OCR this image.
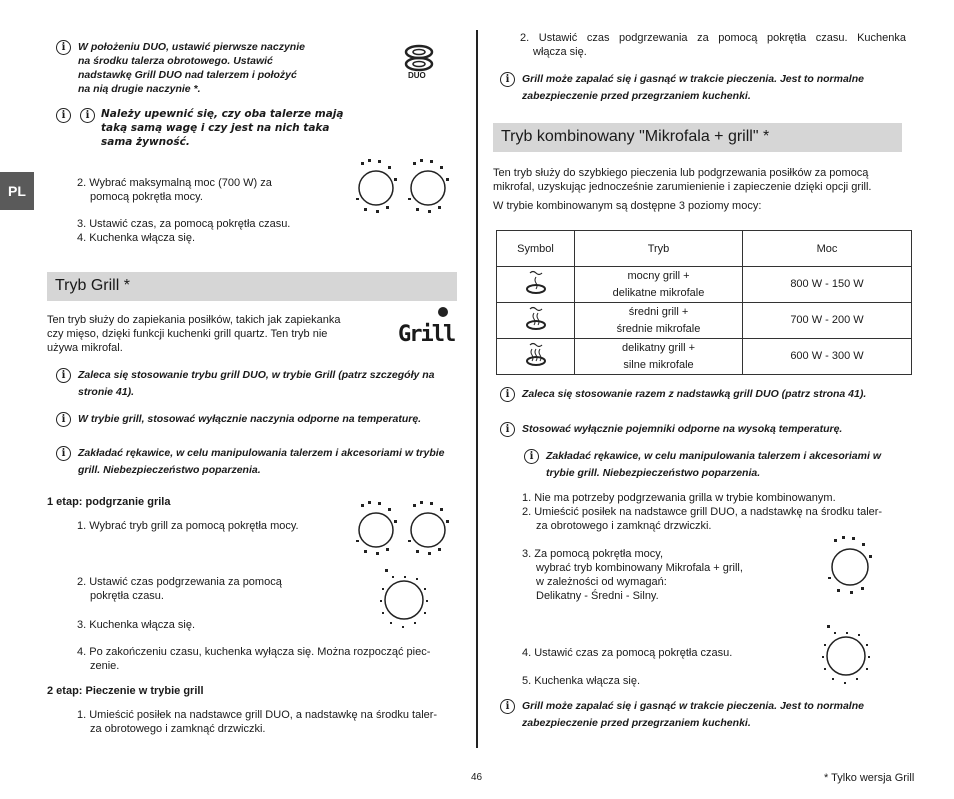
PL
i	W położeniu DUO, ustawić pierwsze naczynie
na środku talerza obrotowego. Ustawić
nadstawkę Grill DUO nad talerzem i położyć
na nią drugie naczynie *.
DUO
i	i	Należy upewnić się, czy oba talerze mają
taką samą wagę i czy jest na nich taka
sama żywność.
2. Wybrać maksymalną moc (700 W) za
pomocą pokrętła mocy.
3. Ustawić czas, za pomocą pokrętła czasu.
4. Kuchenka włącza się.
Tryb Grill *
Ten tryb służy do zapiekania posiłków, takich jak zapiekanka
czy mięso, dzięki funkcji kuchenki grill quartz. Ten tryb nie
używa mikrofal.
Grill
i	Zaleca się stosowanie trybu grill DUO, w trybie Grill (patrz szczegóły na
stronie 41).
i	W trybie grill, stosować wyłącznie naczynia odporne na temperaturę.
i	Zakładać rękawice, w celu manipulowania talerzem i akcesoriami w trybie
grill. Niebezpieczeństwo poparzenia.
1 etap: podgrzanie grila
1. Wybrać tryb grill za pomocą pokrętła mocy.
2. Ustawić czas podgrzewania za pomocą
pokrętła czasu.
3. Kuchenka włącza się.
4. Po zakończeniu czasu, kuchenka wyłącza się. Można rozpocząć piec-
zenie.
2 etap: Pieczenie w trybie grill
1. Umieścić posiłek na nadstawce grill DUO, a nadstawkę na środku taler-
za obrotowego i zamknąć drzwiczki.
2. Ustawić czas podgrzewania za pomocą pokrętła czasu. Kuchenka
włącza się.
i	Grill może zapalać się i gasnąć w trakcie pieczenia. Jest to normalne
zabezpieczenie przed przegrzaniem kuchenki.
Tryb kombinowany "Mikrofala + grill" *
Ten tryb służy do szybkiego pieczenia lub podgrzewania posiłków za pomocą
mikrofal, uzyskując jednocześnie zarumienienie i zapieczenie dzięki opcji grill.
W trybie kombinowanym są dostępne 3 poziomy mocy:
Symbol	Tryb	Moc

mocny grill +
delikatne mikrofale	800 W - 150 W

średni grill +
średnie mikrofale	700 W - 200 W

delikatny grill +
silne mikrofale	600 W - 300 W
i	Zaleca się stosowanie razem z nadstawką grill DUO (patrz strona 41).
i	Stosować wyłącznie pojemniki odporne na wysoką temperaturę.
i	Zakładać rękawice, w celu manipulowania talerzem i akcesoriami w
trybie grill. Niebezpieczeństwo poparzenia.
1. Nie ma potrzeby podgrzewania grilla w trybie kombinowanym.
2. Umieścić posiłek na nadstawce grill DUO, a nadstawkę na środku taler-
za obrotowego i zamknąć drzwiczki.
3. Za pomocą pokrętła mocy,
wybrać tryb kombinowany Mikrofala + grill,
w zależności od wymagań:
Delikatny - Średni - Silny.
4. Ustawić czas za pomocą pokrętła czasu.
5. Kuchenka włącza się.
i	Grill może zapalać się i gasnąć w trakcie pieczenia. Jest to normalne
zabezpieczenie przed przegrzaniem kuchenki.
46	* Tylko wersja Grill
